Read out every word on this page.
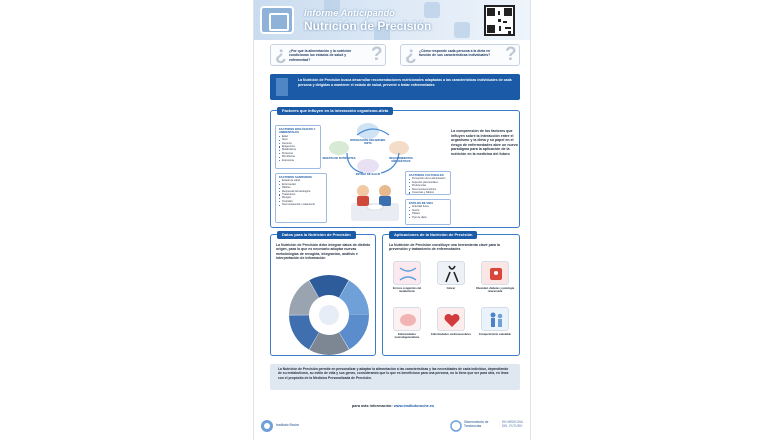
Informe Anticipando
Nutrición de Precisión
¿ ¿Por qué la alimentación y la nutrición condicionan los estados de salud y enfermedad?	? ¿ ¿Cómo responde cada persona a la dieta en función de sus características individuales? ?

La Nutrición de Precisión busca desarrollar recomendaciones nutricionales adaptadas a las características individuales de cada persona y dirigidas a mantener el estado de salud, prevenir o tratar enfermedades

Factores que influyen en la interacción organismo-dieta
FACTORES BIOLÓGICOS Y AMBIENTALES
Edad
Sexo
Genoma
Epigenoma
Metaboloma
Proteoma
Microbioma
Exposoma
FACTORES SANITARIOS
Estado de salud
Enfermedad
Hábitos
Respuesta farmacológica
Tratamiento
Riesgos
Toxicidad
Nivel asistencial y tratamiento
INTERACCIÓN ORGANISMO-DIETA
INGESTA DE NUTRIENTES	REQUERIMIENTOS ENERGÉTICOS
ESTADO DE SALUD	FACTORES CULTURALES
Percepción de la alimentación
Aspectos psicosociales
Preferencias
Nivel socioeconómico
Creencias y hábitos
ESTILOS DE VIDA
Actividad física
Sueño
Tabaco
Tipo de dieta
La comprensión de los factores que influyen sobre la interacción entre el organismo y la dieta y su papel en el riesgo de enfermedades abre un nuevo paradigma para la aplicación de la nutrición en la medicina del futuro
Datos para la Nutrición de Precisión
La Nutrición de Precisión debe integrar datos de distinto origen, para lo que es necesario adoptar nuevas metodologías de recogida, integración, análisis e interpretación de información
Aplicaciones de la Nutrición de Precisión
La Nutrición de Precisión constituye una herramienta clave para la prevención y tratamiento de enfermedades
Errores congénitos del metabolismo
Cáncer	Obesidad, diabetes y patología relacionada
Enfermedades neurodegenerativas
Enfermedades cardiovasculares	Envejecimiento saludable

La Nutrición de Precisión permite en personalizar y adaptar la alimentación a las características y las necesidades de cada individuo, dependiendo de su metabolismo, su estilo de vida y sus genes, considerando que lo que es beneficioso para una persona, no lo tiene que ser para otra, en línea con el propósito de la Medicina Personalizada de Precisión.

para más información: www.institutoroche.es
Instituto Roche
Observatorio de Tendencias
EN MEDICINA DEL FUTURO
